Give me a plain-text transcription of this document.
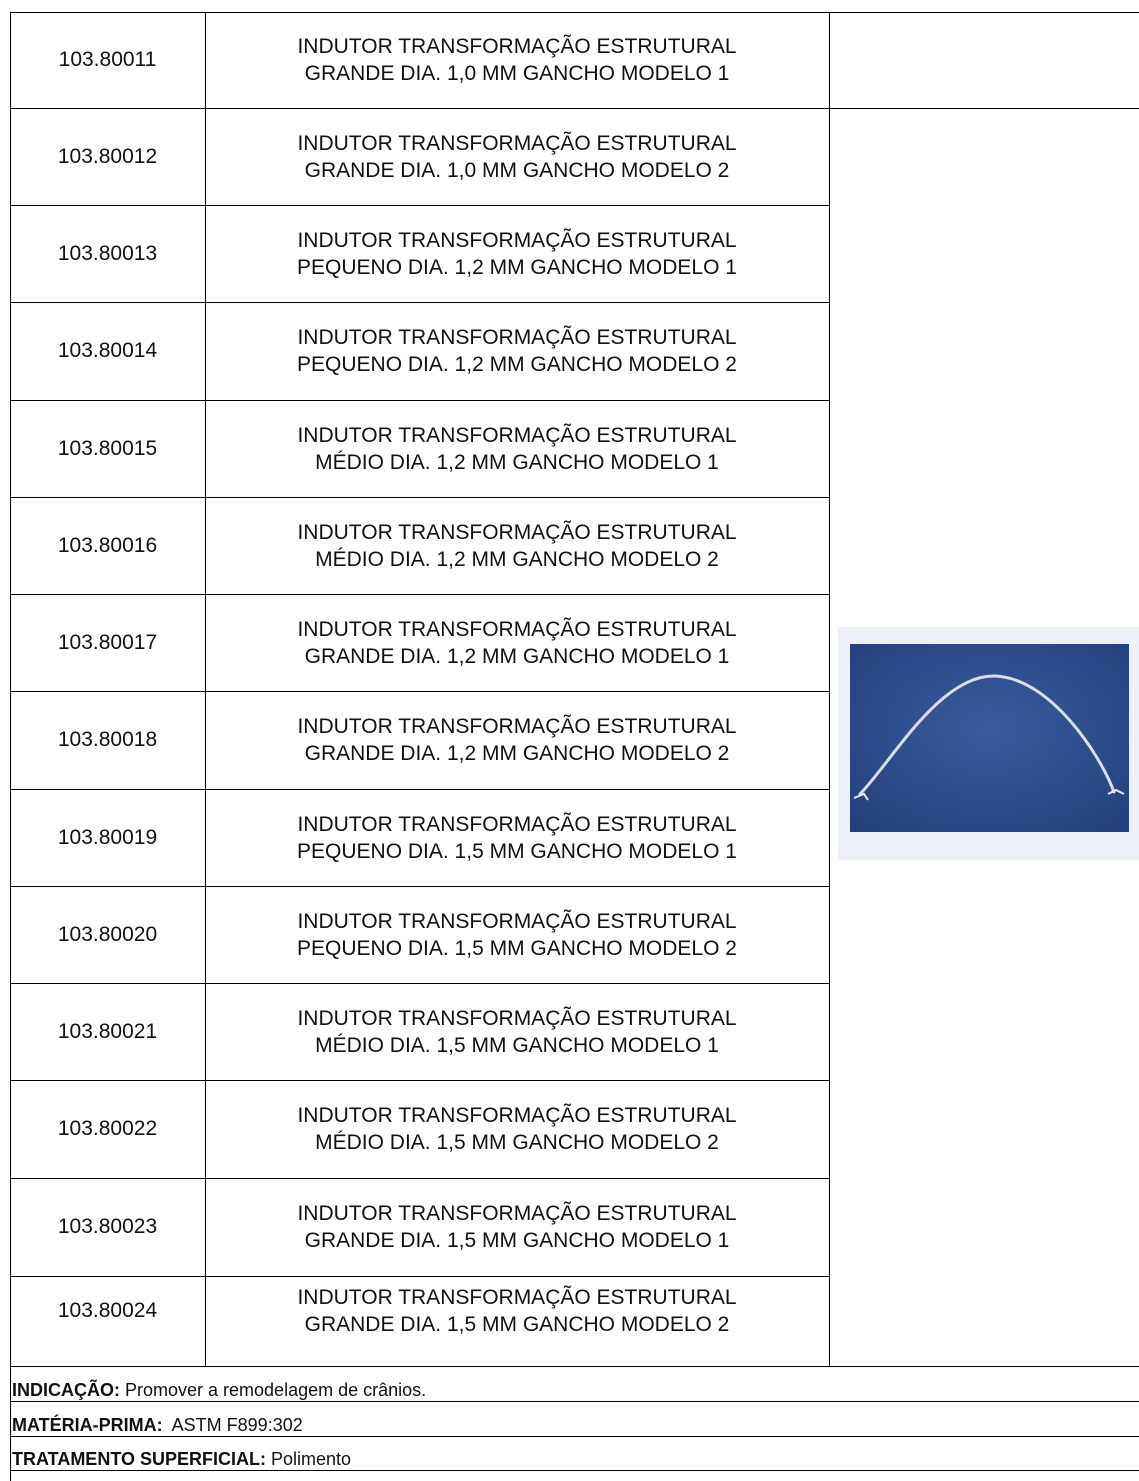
103.80011
INDUTOR TRANSFORMAÇÃO ESTRUTURAL
GRANDE DIA. 1,0 MM GANCHO MODELO 1
103.80012
INDUTOR TRANSFORMAÇÃO ESTRUTURAL
GRANDE DIA. 1,0 MM GANCHO MODELO 2
103.80013
INDUTOR TRANSFORMAÇÃO ESTRUTURAL
PEQUENO DIA. 1,2 MM GANCHO MODELO 1
103.80014
INDUTOR TRANSFORMAÇÃO ESTRUTURAL
PEQUENO DIA. 1,2 MM GANCHO MODELO 2
103.80015
INDUTOR TRANSFORMAÇÃO ESTRUTURAL
MÉDIO DIA. 1,2 MM GANCHO MODELO 1
103.80016
INDUTOR TRANSFORMAÇÃO ESTRUTURAL
MÉDIO DIA. 1,2 MM GANCHO MODELO 2
103.80017
INDUTOR TRANSFORMAÇÃO ESTRUTURAL
GRANDE DIA. 1,2 MM GANCHO MODELO 1
103.80018
INDUTOR TRANSFORMAÇÃO ESTRUTURAL
GRANDE DIA. 1,2 MM GANCHO MODELO 2
103.80019
INDUTOR TRANSFORMAÇÃO ESTRUTURAL
PEQUENO DIA. 1,5 MM GANCHO MODELO 1
103.80020
INDUTOR TRANSFORMAÇÃO ESTRUTURAL
PEQUENO DIA. 1,5 MM GANCHO MODELO 2
103.80021
INDUTOR TRANSFORMAÇÃO ESTRUTURAL
MÉDIO DIA. 1,5 MM GANCHO MODELO 1
103.80022
INDUTOR TRANSFORMAÇÃO ESTRUTURAL
MÉDIO DIA. 1,5 MM GANCHO MODELO 2
103.80023
INDUTOR TRANSFORMAÇÃO ESTRUTURAL
GRANDE DIA. 1,5 MM GANCHO MODELO 1
103.80024
INDUTOR TRANSFORMAÇÃO ESTRUTURAL
GRANDE DIA. 1,5 MM GANCHO MODELO 2
INDICAÇÃO: Promover a remodelagem de crânios.
MATÉRIA-PRIMA:  ASTM F899:302
TRATAMENTO SUPERFICIAL: Polimento
